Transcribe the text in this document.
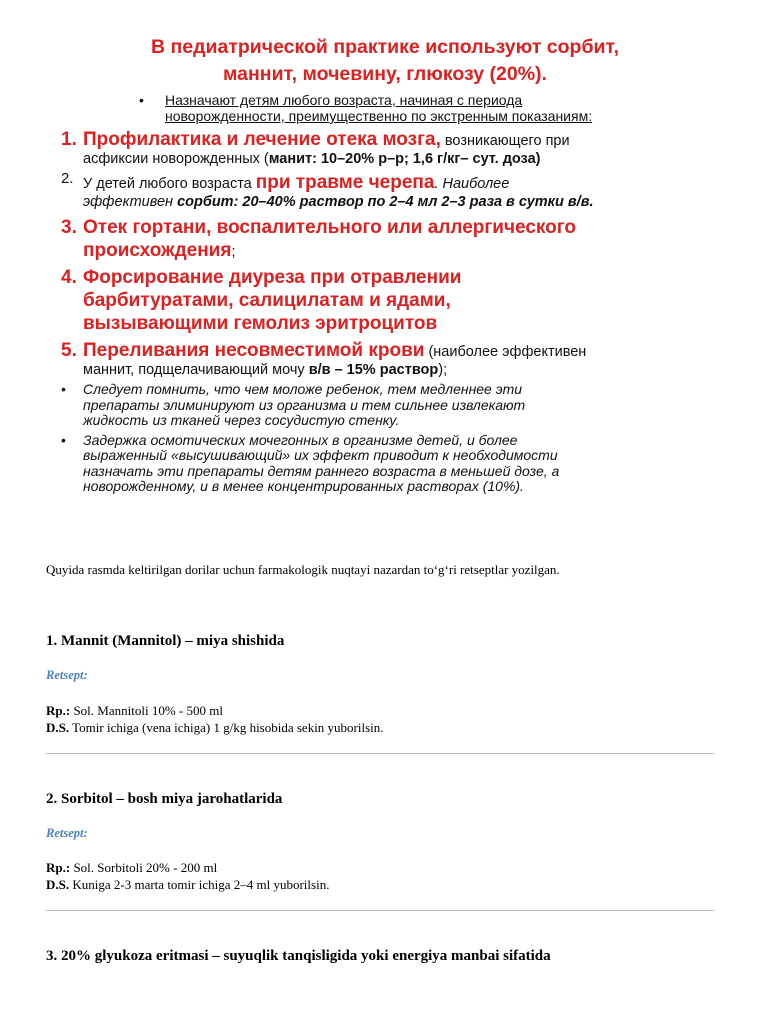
В педиатрической практике используют сорбит,
маннит, мочевину, глюкозу (20%).

• Назначают детям любого возраста, начиная с периода
новорожденности, преимущественно по экстренным показаниям:
1. Профилактика и лечение отека мозга, возникающего при
асфиксии новорожденных (манит: 10–20% р–р; 1,6 г/кг– сут. доза)
2. У детей любого возраста при травме черепа. Наиболее
эффективен сорбит: 20–40% раствор по 2–4 мл 2–3 раза в сутки в/в.
3. Отек гортани, воспалительного или аллергического
происхождения;
4. Форсирование диуреза при отравлении
барбитуратами, салицилатам и ядами,
вызывающими гемолиз эритроцитов
5. Переливания несовместимой крови (наиболее эффективен
маннит, подщелачивающий мочу в/в – 15% раствор);
• Следует помнить, что чем моложе ребенок, тем медленнее эти
препараты элиминируют из организма и тем сильнее извлекают
жидкость из тканей через сосудистую стенку.
• Задержка осмотических мочегонных в организме детей, и более
выраженный «высушивающий» их эффект приводит к необходимости
назначать эти препараты детям раннего возраста в меньшей дозе, а
новорожденному, и в менее концентрированных растворах (10%).
Quyida rasmda keltirilgan dorilar uchun farmakologik nuqtayi nazardan to‘g‘ri retseptlar yozilgan.
1. Mannit (Mannitol) – miya shishida
Retsept:
Rp.: Sol. Mannitoli 10% - 500 ml
D.S. Tomir ichiga (vena ichiga) 1 g/kg hisobida sekin yuborilsin.
2. Sorbitol – bosh miya jarohatlarida
Retsept:
Rp.: Sol. Sorbitoli 20% - 200 ml
D.S. Kuniga 2-3 marta tomir ichiga 2–4 ml yuborilsin.
3. 20% glyukoza eritmasi – suyuqlik tanqisligida yoki energiya manbai sifatida
